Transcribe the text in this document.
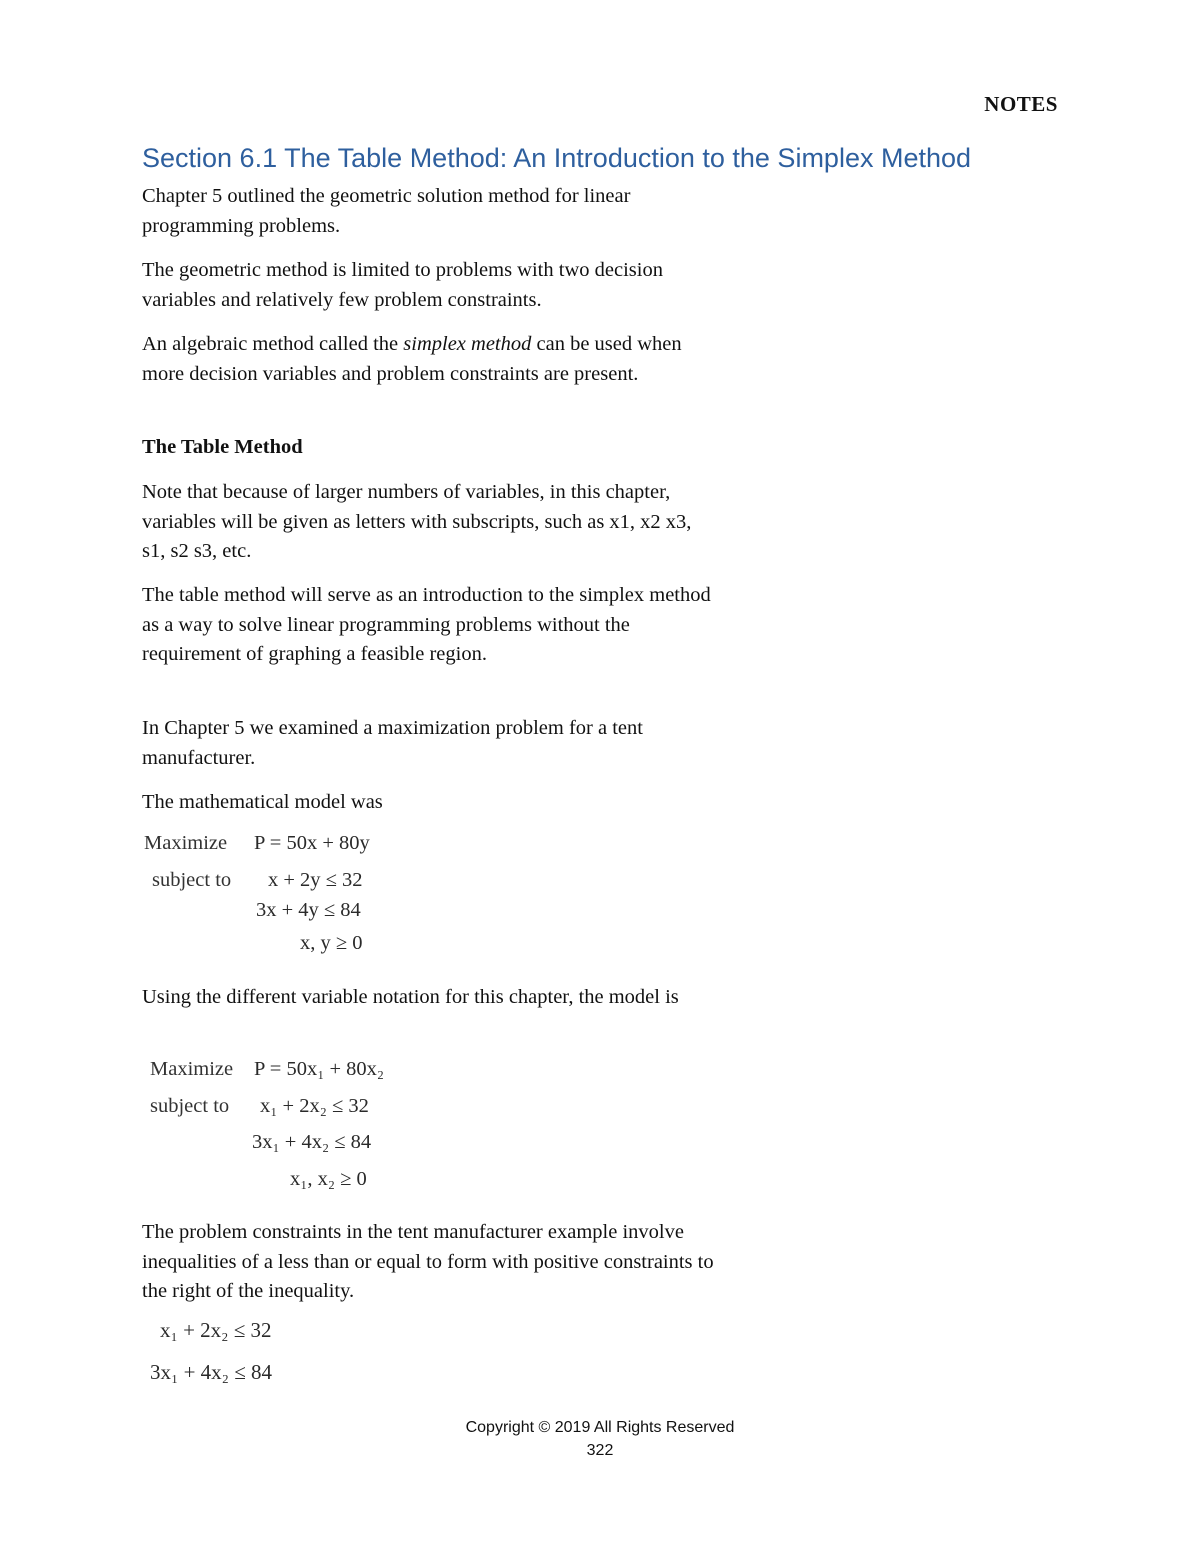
NOTES
Section 6.1 The Table Method: An Introduction to the Simplex Method

Chapter 5 outlined the geometric solution method for linear programming problems.

The geometric method is limited to problems with two decision variables and relatively few problem constraints.

An algebraic method called the simplex method can be used when more decision variables and problem constraints are present.

The Table Method

Note that because of larger numbers of variables, in this chapter, variables will be given as letters with subscripts, such as x1, x2 x3, s1, s2 s3, etc.

The table method will serve as an introduction to the simplex method as a way to solve linear programming problems without the requirement of graphing a feasible region.

In Chapter 5 we examined a maximization problem for a tent manufacturer.

The mathematical model was

Maximize P = 50x + 80y
subject to x + 2y ≤ 32
3x + 4y ≤ 84
x, y ≥ 0

Using the different variable notation for this chapter, the model is

Maximize P = 50x₁ + 80x₂
subject to x₁ + 2x₂ ≤ 32
3x₁ + 4x₂ ≤ 84
x₁, x₂ ≥ 0

The problem constraints in the tent manufacturer example involve inequalities of a less than or equal to form with positive constraints to the right of the inequality.

x₁ + 2x₂ ≤ 32
3x₁ + 4x₂ ≤ 84
Copyright © 2019 All Rights Reserved
322
